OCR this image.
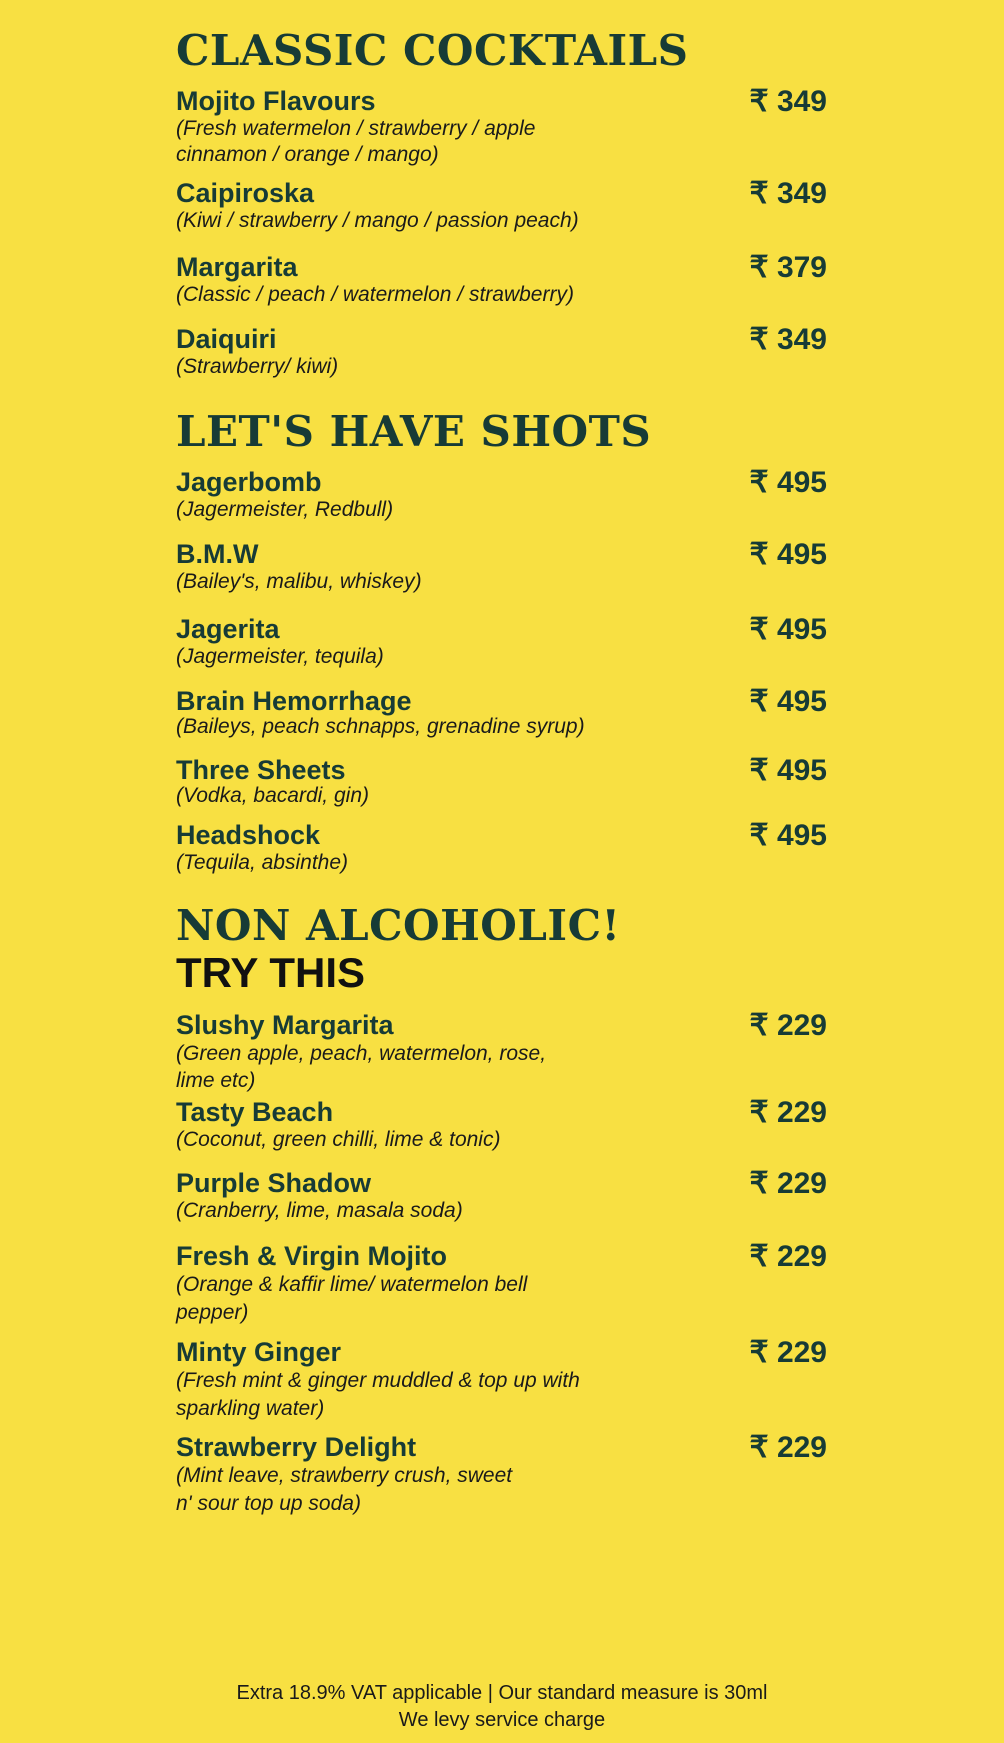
CLASSIC COCKTAILS
Mojito Flavours
(Fresh watermelon / strawberry / apple cinnamon / orange / mango)
₹ 349
Caipiroska
(Kiwi / strawberry / mango / passion peach)
₹ 349
Margarita
(Classic / peach / watermelon / strawberry)
₹ 379
Daiquiri
(Strawberry/ kiwi)
₹ 349
LET'S HAVE SHOTS
Jagerbomb
(Jagermeister, Redbull)
₹ 495
B.M.W
(Bailey's, malibu, whiskey)
₹ 495
Jagerita
(Jagermeister, tequila)
₹ 495
Brain Hemorrhage
(Baileys, peach schnapps, grenadine syrup)
₹ 495
Three Sheets
(Vodka, bacardi, gin)
₹ 495
Headshock
(Tequila, absinthe)
₹ 495
NON ALCOHOLIC!
TRY THIS
Slushy Margarita
(Green apple, peach, watermelon, rose, lime etc)
₹ 229
Tasty Beach
(Coconut, green chilli, lime & tonic)
₹ 229
Purple Shadow
(Cranberry, lime, masala soda)
₹ 229
Fresh & Virgin Mojito
(Orange & kaffir lime/ watermelon bell pepper)
₹ 229
Minty Ginger
(Fresh mint & ginger muddled & top up with sparkling water)
₹ 229
Strawberry Delight
(Mint leave, strawberry crush, sweet n' sour top up soda)
₹ 229
Extra 18.9% VAT applicable | Our standard measure is 30ml
We levy service charge
